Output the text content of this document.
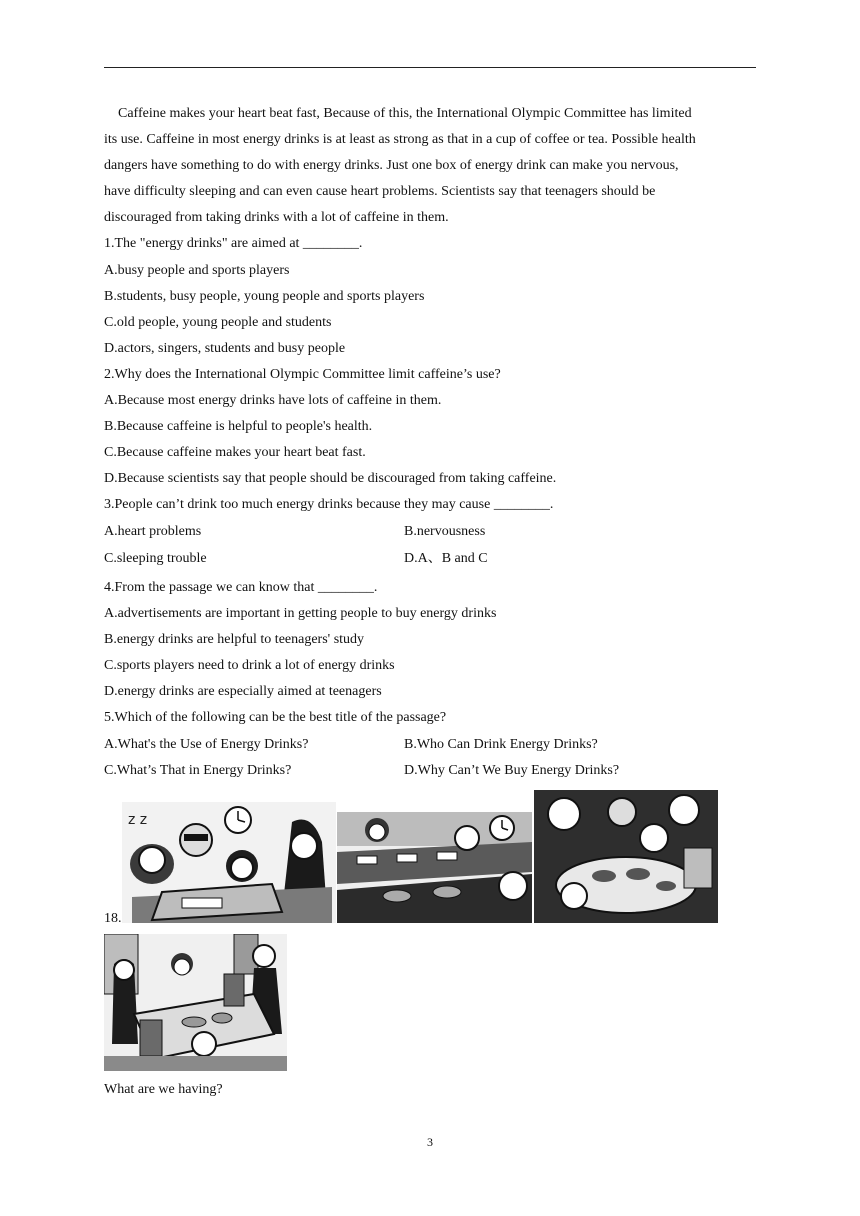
Caffeine makes your heart beat fast, Because of this, the International Olympic Committee has limited
its use. Caffeine in most energy drinks is at least as strong as that in a cup of coffee or tea. Possible health
dangers have something to do with energy drinks. Just one box of energy drink can make you nervous,
have difficulty sleeping and can even cause heart problems. Scientists say that teenagers should be
discouraged from taking drinks with a lot of caffeine in them.
1.The "energy drinks" are aimed at ________.
A.busy people and sports players
B.students, busy people, young people and sports players
C.old people, young people and students
D.actors, singers, students and busy people
2.Why does the International Olympic Committee limit caffeine’s use?
A.Because most energy drinks have lots of caffeine in them.
B.Because caffeine is helpful to people's health.
C.Because caffeine makes your heart beat fast.
D.Because scientists say that people should be discouraged from taking caffeine.
3.People can’t drink too much energy drinks because they may cause ________.
A.heart problems	B.nervousness
C.sleeping trouble	D.A、B and C
4.From the passage we can know that ________.
A.advertisements are important in getting people to buy energy drinks
B.energy drinks are helpful to teenagers' study
C.sports players need to drink a lot of energy drinks
D.energy drinks are especially aimed at teenagers
5.Which of the following can be the best title of the passage?
A.What's the Use of Energy Drinks?	B.Who Can Drink Energy Drinks?
C.What’s That in Energy Drinks?	D.Why Can’t We Buy Energy Drinks?
z z
18.
What are we having?
3
